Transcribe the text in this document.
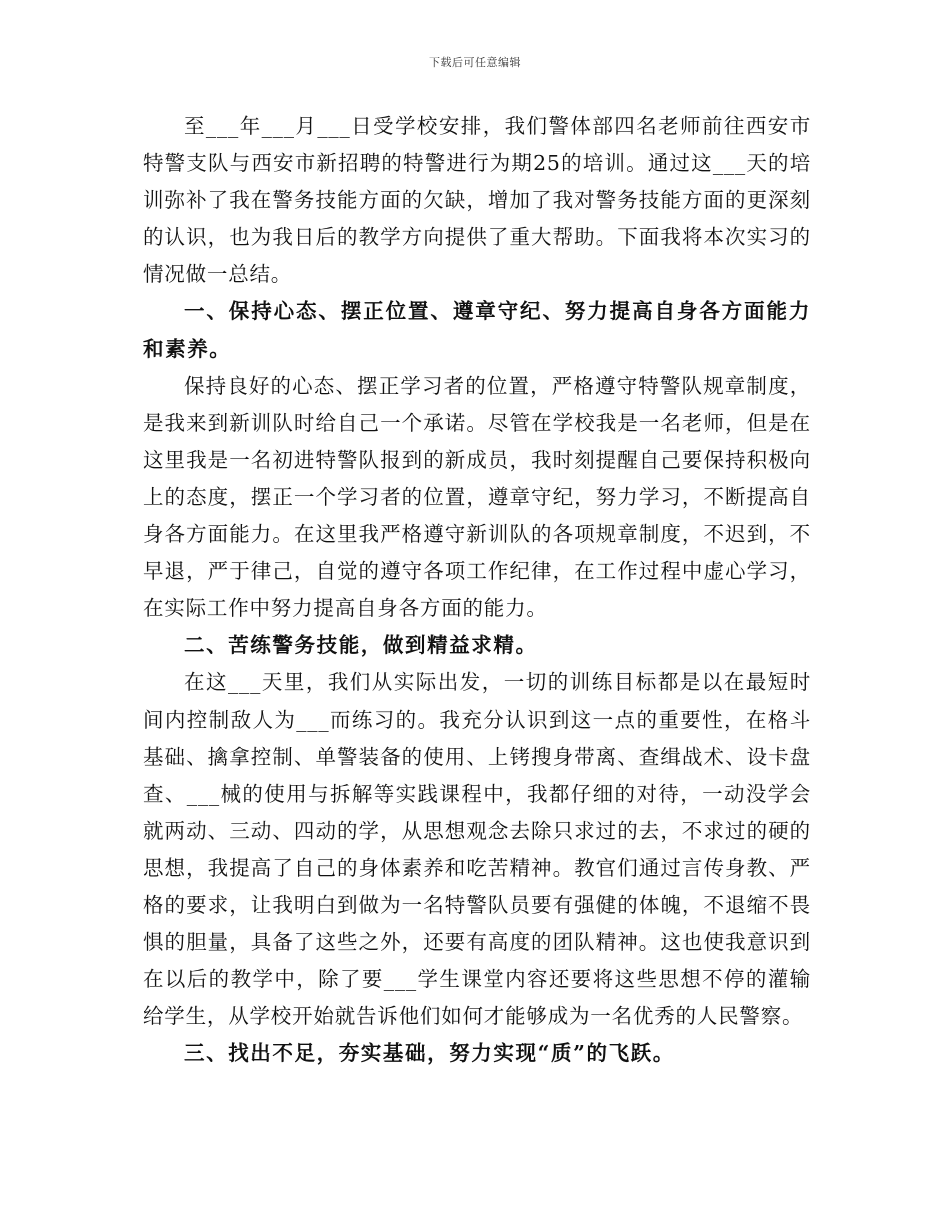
下载后可任意编辑

至___年___月___日受学校安排，我们警体部四名老师前往西安市特警支队与西安市新招聘的特警进行为期25的培训。通过这___天的培训弥补了我在警务技能方面的欠缺，增加了我对警务技能方面的更深刻的认识，也为我日后的教学方向提供了重大帮助。下面我将本次实习的情况做一总结。

一、保持心态、摆正位置、遵章守纪、努力提高自身各方面能力和素养。

保持良好的心态、摆正学习者的位置，严格遵守特警队规章制度，是我来到新训队时给自己一个承诺。尽管在学校我是一名老师，但是在这里我是一名初进特警队报到的新成员，我时刻提醒自己要保持积极向上的态度，摆正一个学习者的位置，遵章守纪，努力学习，不断提高自身各方面能力。在这里我严格遵守新训队的各项规章制度，不迟到，不早退，严于律己，自觉的遵守各项工作纪律，在工作过程中虚心学习，在实际工作中努力提高自身各方面的能力。

二、苦练警务技能，做到精益求精。

在这___天里，我们从实际出发，一切的训练目标都是以在最短时间内控制敌人为___而练习的。我充分认识到这一点的重要性，在格斗基础、擒拿控制、单警装备的使用、上铐搜身带离、查缉战术、设卡盘查、___械的使用与拆解等实践课程中，我都仔细的对待，一动没学会就两动、三动、四动的学，从思想观念去除只求过的去，不求过的硬的思想，我提高了自己的身体素养和吃苦精神。教官们通过言传身教、严格的要求，让我明白到做为一名特警队员要有强健的体魄，不退缩不畏惧的胆量，具备了这些之外，还要有高度的团队精神。这也使我意识到在以后的教学中，除了要___学生课堂内容还要将这些思想不停的灌输给学生，从学校开始就告诉他们如何才能够成为一名优秀的人民警察。

三、找出不足，夯实基础，努力实现“质”的飞跃。
